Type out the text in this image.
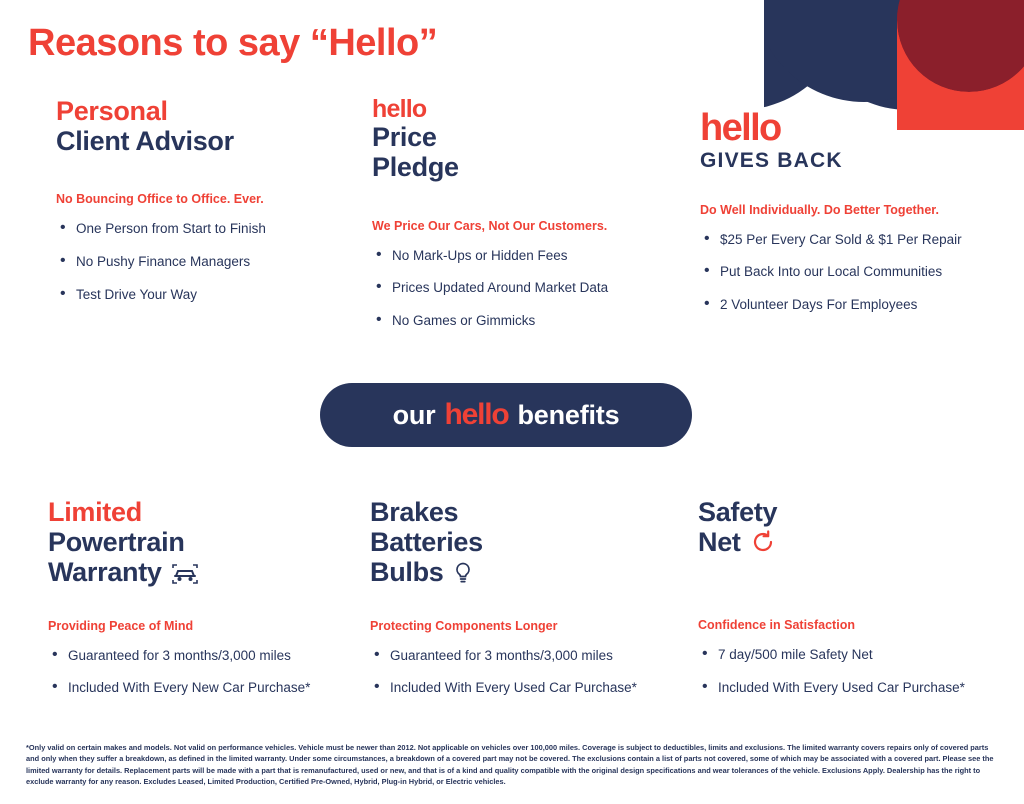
Reasons to say “Hello”
Personal
Client Advisor
No Bouncing Office to Office. Ever.
• One Person from Start to Finish
• No Pushy Finance Managers
• Test Drive Your Way
hello
Price
Pledge
We Price Our Cars, Not Our Customers.
• No Mark-Ups or Hidden Fees
• Prices Updated Around Market Data
• No Games or Gimmicks
hello
GIVES BACK
Do Well Individually. Do Better Together.
• $25 Per Every Car Sold & $1 Per Repair
• Put Back Into our Local Communities
• 2 Volunteer Days For Employees
our hello benefits
Limited
Powertrain
Warranty
Providing Peace of Mind
• Guaranteed for 3 months/3,000 miles
• Included With Every New Car Purchase*
Brakes
Batteries
Bulbs
Protecting Components Longer
• Guaranteed for 3 months/3,000 miles
• Included With Every Used Car Purchase*
Safety
Net
Confidence in Satisfaction
• 7 day/500 mile Safety Net
• Included With Every Used Car Purchase*
*Only valid on certain makes and models. Not valid on performance vehicles. Vehicle must be newer than 2012. Not applicable on vehicles over 100,000 miles. Coverage is subject to deductibles, limits and exclusions. The limited warranty covers repairs only of covered parts and only when they suffer a breakdown, as defined in the limited warranty. Under some circumstances, a breakdown of a covered part may not be covered. The exclusions contain a list of parts not covered, some of which may be associated with a covered part. Please see the limited warranty for details. Replacement parts will be made with a part that is remanufactured, used or new, and that is of a kind and quality compatible with the original design specifications and wear tolerances of the vehicle. Exclusions Apply. Dealership has the right to exclude warranty for any reason. Excludes Leased, Limited Production, Certified Pre-Owned, Hybrid, Plug-in Hybrid, or Electric vehicles.
